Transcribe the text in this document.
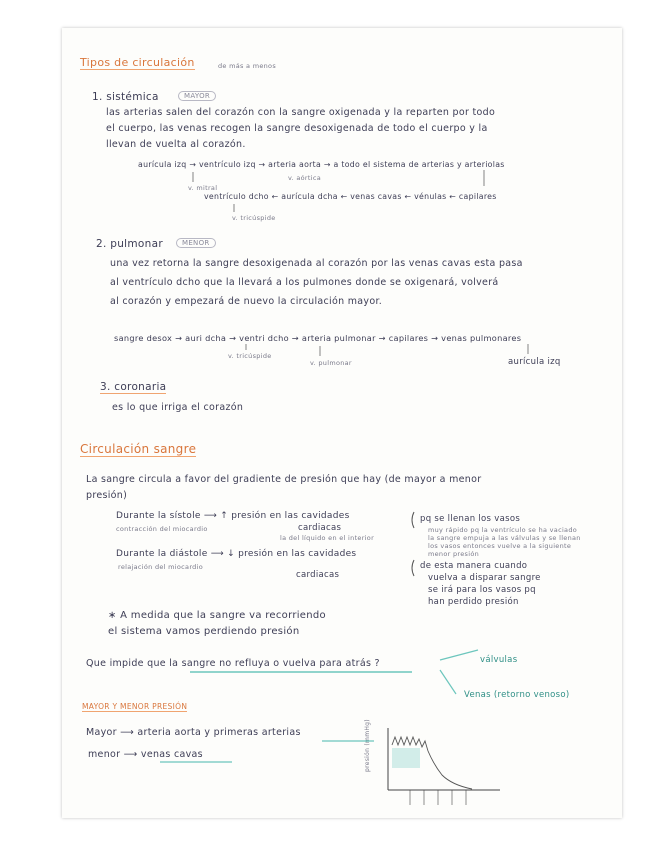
Tipos de circulación	de más a menos
1. sistémica	MAYOR
las arterias salen del corazón con la sangre oxigenada y la reparten por todo
el cuerpo, las venas recogen la sangre desoxigenada de todo el cuerpo y la
llevan de vuelta al corazón.
aurícula izq → ventrículo izq → arteria aorta → a todo el sistema de arterias y arteriolas
v. mitral
v. aórtica
ventrículo dcho ← aurícula dcha ← venas cavas ← vénulas ← capilares
v. tricúspide
2. pulmonar	MENOR
una vez retorna la sangre desoxigenada al corazón por las venas cavas esta pasa
al ventrículo dcho que la llevará a los pulmones donde se oxigenará, volverá
al corazón y empezará de nuevo la circulación mayor.
sangre desox → auri dcha → ventri dcho → arteria pulmonar → capilares → venas pulmonares
v. tricúspide
v. pulmonar	aurícula izq
3. coronaria
es lo que irriga el corazón
Circulación sangre
La sangre circula a favor del gradiente de presión que hay (de mayor a menor
presión)
Durante la sístole ⟶ ↑ presión en las cavidades
contracción del miocardio	cardiacas
la del líquido en el interior
Durante la diástole ⟶ ↓ presión en las cavidades
relajación del miocardio
cardiacas
pq se llenan los vasos
muy rápido pq la ventrículo se ha vaciado
la sangre empuja a las válvulas y se llenan
los vasos entonces vuelve a la siguiente
menor presión
de esta manera cuando
vuelva a disparar sangre
se irá para los vasos pq
han perdido presión
∗ A medida que la sangre va recorriendo
el sistema vamos perdiendo presión
Que impide que la sangre no refluya o vuelva para atrás ?	válvulas
Venas (retorno venoso)
MAYOR Y MENOR PRESIÓN
Mayor ⟶ arteria aorta y primeras arterias
menor ⟶ venas cavas	presión (mmHg)
